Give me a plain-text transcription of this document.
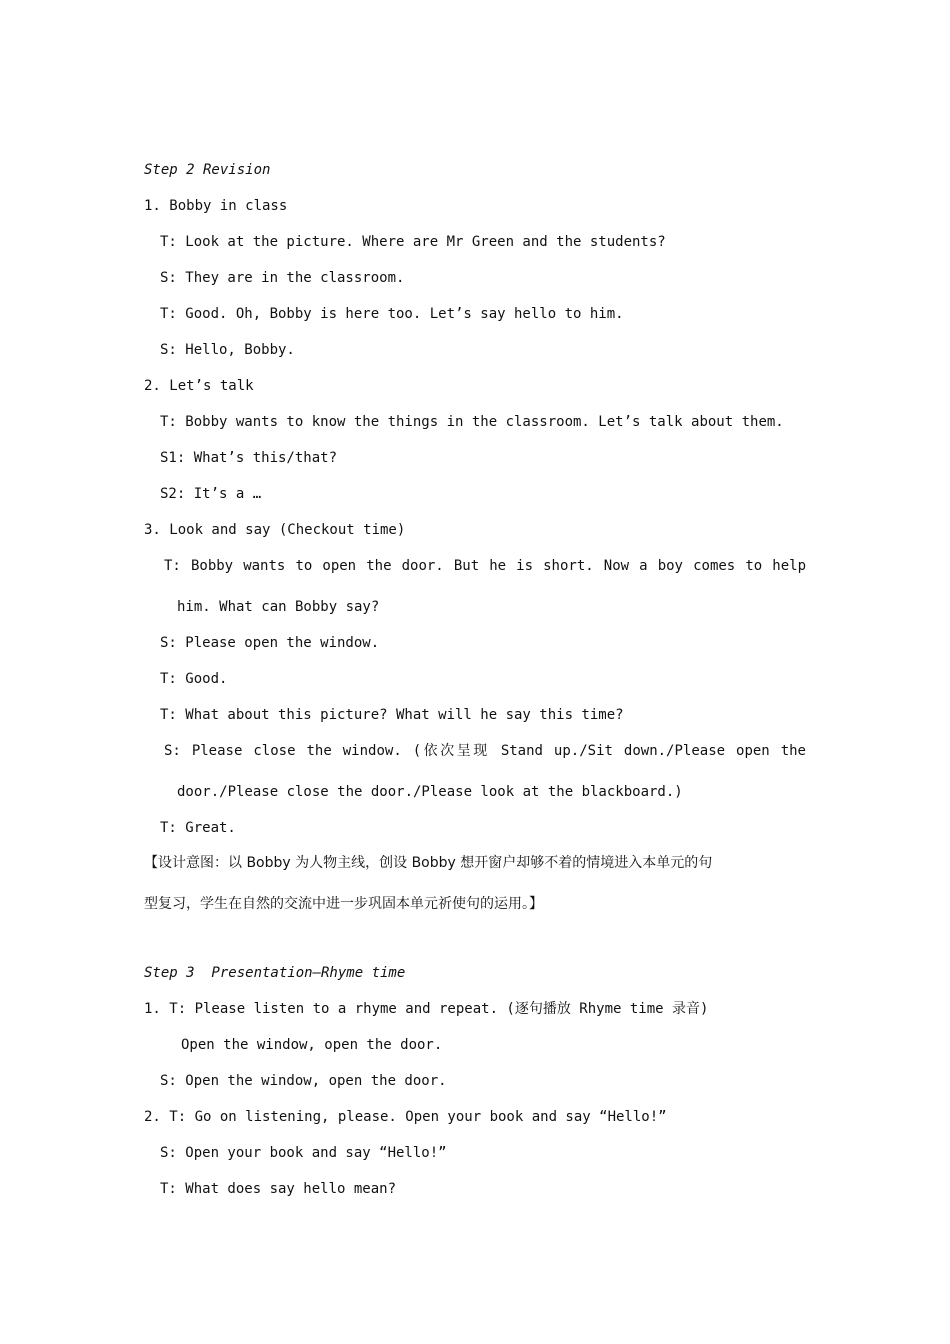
Step 2 Revision
1. Bobby in class
T: Look at the picture. Where are Mr Green and the students?
S: They are in the classroom.
T: Good. Oh, Bobby is here too. Let’s say hello to him.
S: Hello, Bobby.
2. Let’s talk
T: Bobby wants to know the things in the classroom. Let’s talk about them.
S1: What’s this/that?
S2: It’s a …
3. Look and say (Checkout time)
T: Bobby wants to open the door. But he is short. Now a boy comes to help
him. What can Bobby say?
S: Please open the window.
T: Good.
T: What about this picture? What will he say this time?
S: Please close the window. (依次呈现 Stand up./Sit down./Please open the
door./Please close the door./Please look at the blackboard.)
T: Great.
【设计意图：以 Bobby 为人物主线，创设 Bobby 想开窗户却够不着的情境进入本单元的句
型复习，学生在自然的交流中进一步巩固本单元祈使句的运用。】
Step 3  Presentation—Rhyme time
1. T: Please listen to a rhyme and repeat. (逐句播放 Rhyme time 录音)
Open the window, open the door.
S: Open the window, open the door.
2. T: Go on listening, please. Open your book and say “Hello!”
S: Open your book and say “Hello!”
T: What does say hello mean?
